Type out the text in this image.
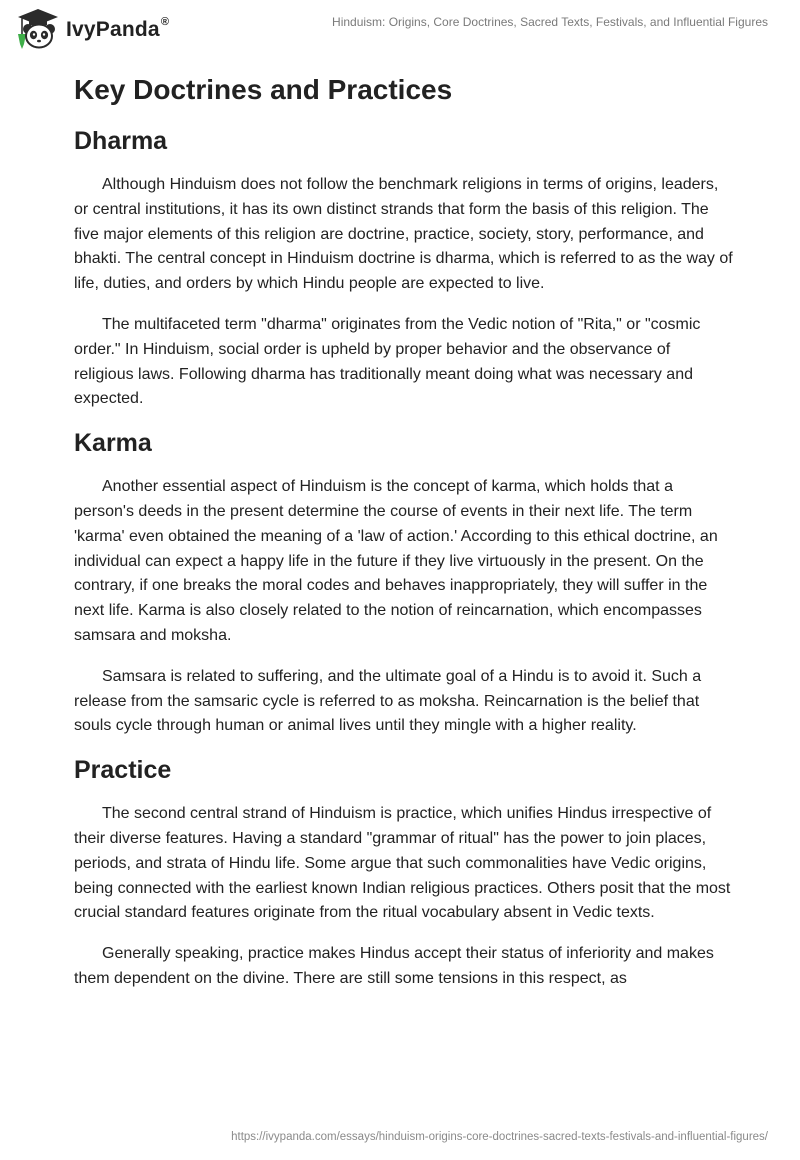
IvyPanda®	Hinduism: Origins, Core Doctrines, Sacred Texts, Festivals, and Influential Figures
Key Doctrines and Practices
Dharma

Although Hinduism does not follow the benchmark religions in terms of origins, leaders, or central institutions, it has its own distinct strands that form the basis of this religion. The five major elements of this religion are doctrine, practice, society, story, performance, and bhakti. The central concept in Hinduism doctrine is dharma, which is referred to as the way of life, duties, and orders by which Hindu people are expected to live.

The multifaceted term "dharma" originates from the Vedic notion of "Rita," or "cosmic order." In Hinduism, social order is upheld by proper behavior and the observance of religious laws. Following dharma has traditionally meant doing what was necessary and expected.

Karma

Another essential aspect of Hinduism is the concept of karma, which holds that a person's deeds in the present determine the course of events in their next life. The term 'karma' even obtained the meaning of a 'law of action.' According to this ethical doctrine, an individual can expect a happy life in the future if they live virtuously in the present. On the contrary, if one breaks the moral codes and behaves inappropriately, they will suffer in the next life. Karma is also closely related to the notion of reincarnation, which encompasses samsara and moksha.

Samsara is related to suffering, and the ultimate goal of a Hindu is to avoid it. Such a release from the samsaric cycle is referred to as moksha. Reincarnation is the belief that souls cycle through human or animal lives until they mingle with a higher reality.

Practice

The second central strand of Hinduism is practice, which unifies Hindus irrespective of their diverse features. Having a standard "grammar of ritual" has the power to join places, periods, and strata of Hindu life. Some argue that such commonalities have Vedic origins, being connected with the earliest known Indian religious practices. Others posit that the most crucial standard features originate from the ritual vocabulary absent in Vedic texts.

Generally speaking, practice makes Hindus accept their status of inferiority and makes them dependent on the divine. There are still some tensions in this respect, as

https://ivypanda.com/essays/hinduism-origins-core-doctrines-sacred-texts-festivals-and-influential-figures/
